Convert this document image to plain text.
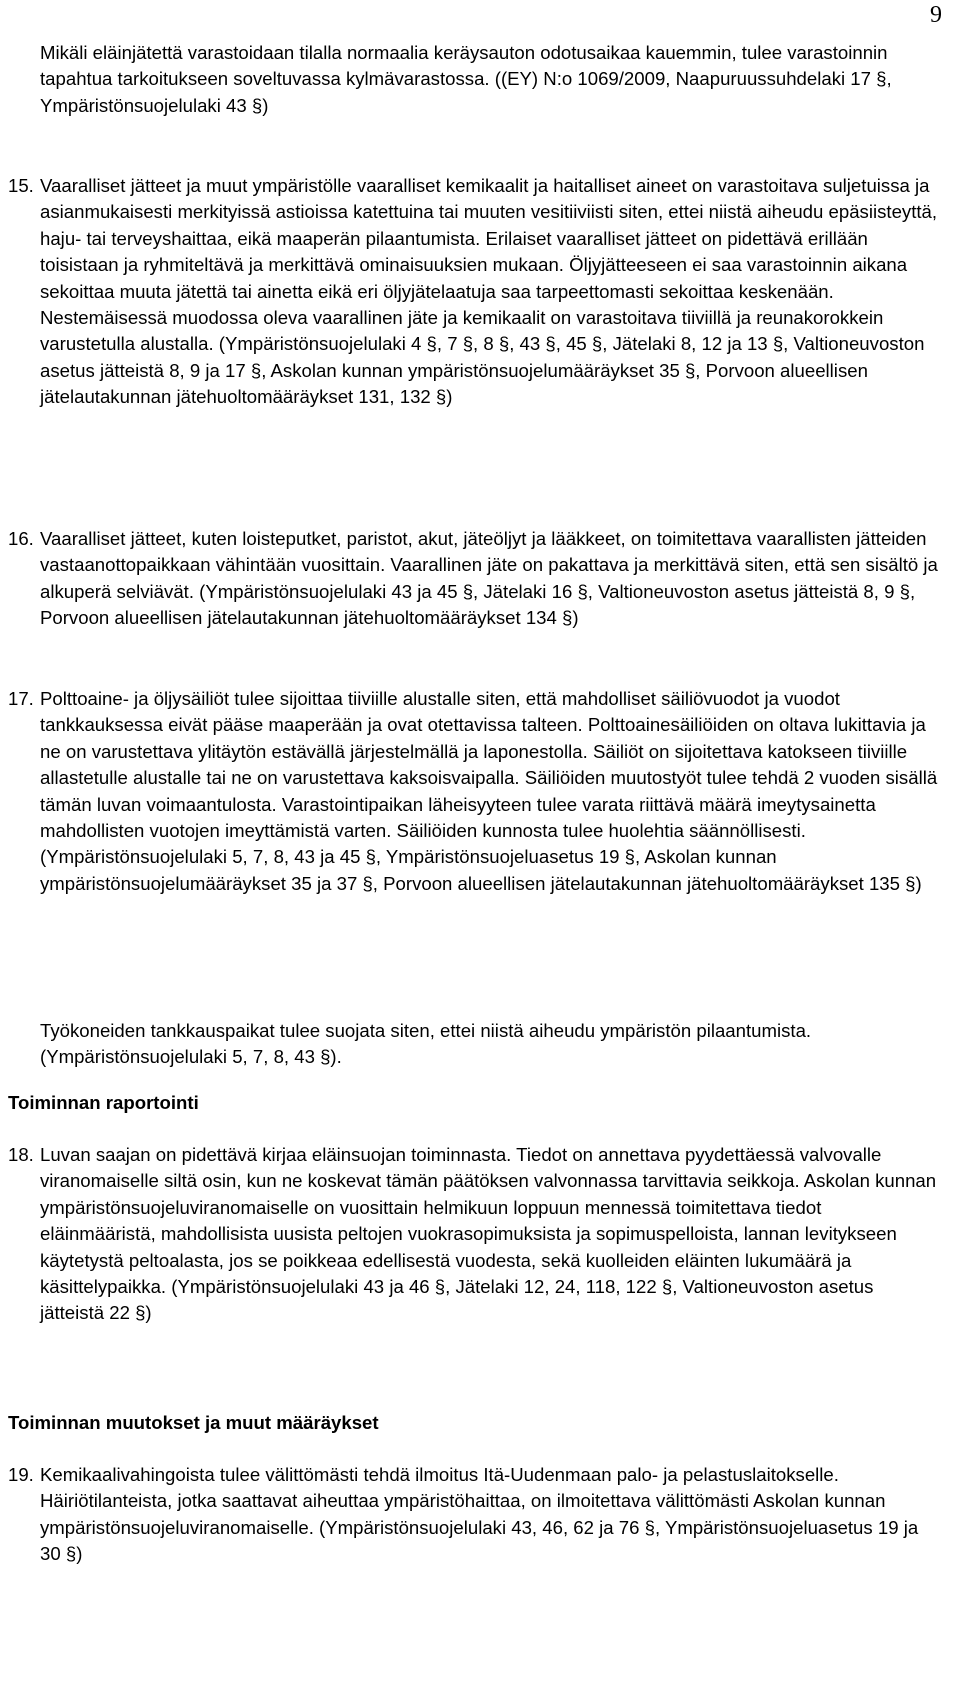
9

Mikäli eläinjätettä varastoidaan tilalla normaalia keräysauton odotusaikaa kauemmin, tulee varastoinnin tapahtua tarkoitukseen soveltuvassa kylmävarastossa. ((EY) N:o 1069/2009, Naapuruussuhdelaki 17 §, Ympäristönsuojelulaki 43 §)

15. Vaaralliset jätteet ja muut ympäristölle vaaralliset kemikaalit ja haitalliset aineet on varastoitava suljetuissa ja asianmukaisesti merkityissä astioissa katettuina tai muuten vesitiiviisti siten, ettei niistä aiheudu epäsiisteyttä, haju- tai terveyshaittaa, eikä maaperän pilaantumista. Erilaiset vaaralliset jätteet on pidettävä erillään toisistaan ja ryhmiteltävä ja merkittävä ominaisuuksien mukaan. Öljyjätteeseen ei saa varastoinnin aikana sekoittaa muuta jätettä tai ainetta eikä eri öljyjätelaatuja saa tarpeettomasti sekoittaa keskenään. Nestemäisessä muodossa oleva vaarallinen jäte ja kemikaalit on varastoitava tiiviillä ja reunakorokkein varustetulla alustalla. (Ympäristönsuojelulaki 4 §, 7 §, 8 §, 43 §, 45 §, Jätelaki 8, 12 ja 13 §, Valtioneuvoston asetus jätteistä 8, 9 ja 17 §, Askolan kunnan ympäristönsuojelumääräykset 35 §, Porvoon alueellisen jätelautakunnan jätehuoltomääräykset 131, 132 §)
16. Vaaralliset jätteet, kuten loisteputket, paristot, akut, jäteöljyt ja lääkkeet, on toimitettava vaarallisten jätteiden vastaanottopaikkaan vähintään vuosittain. Vaarallinen jäte on pakattava ja merkittävä siten, että sen sisältö ja alkuperä selviävät. (Ympäristönsuojelulaki 43 ja 45 §, Jätelaki 16 §, Valtioneuvoston asetus jätteistä 8, 9 §, Porvoon alueellisen jätelautakunnan jätehuoltomääräykset 134 §)
17. Polttoaine- ja öljysäiliöt tulee sijoittaa tiiviille alustalle siten, että mahdolliset säiliövuodot ja vuodot tankkauksessa eivät pääse maaperään ja ovat otettavissa talteen. Polttoainesäiliöiden on oltava lukittavia ja ne on varustettava ylitäytön estävällä järjestelmällä ja laponestolla. Säiliöt on sijoitettava katokseen tiiviille allastetulle alustalle tai ne on varustettava kaksoisvaipalla. Säiliöiden muutostyöt tulee tehdä 2 vuoden sisällä tämän luvan voimaantulosta. Varastointipaikan läheisyyteen tulee varata riittävä määrä imeytysainetta mahdollisten vuotojen imeyttämistä varten. Säiliöiden kunnosta tulee huolehtia säännöllisesti. (Ympäristönsuojelulaki 5, 7, 8, 43 ja 45 §, Ympäristönsuojeluasetus 19 §, Askolan kunnan ympäristönsuojelumääräykset 35 ja 37 §, Porvoon alueellisen jätelautakunnan jätehuoltomääräykset 135 §)

Työkoneiden tankkauspaikat tulee suojata siten, ettei niistä aiheudu ympäristön pilaantumista. (Ympäristönsuojelulaki 5, 7, 8, 43 §).

Toiminnan raportointi
18. Luvan saajan on pidettävä kirjaa eläinsuojan toiminnasta. Tiedot on annettava pyydettäessä valvovalle viranomaiselle siltä osin, kun ne koskevat tämän päätöksen valvonnassa tarvittavia seikkoja. Askolan kunnan ympäristönsuojeluviranomaiselle on vuosittain helmikuun loppuun mennessä toimitettava tiedot eläinmääristä, mahdollisista uusista peltojen vuokrasopimuksista ja sopimuspelloista, lannan levitykseen käytetystä peltoalasta, jos se poikkeaa edellisestä vuodesta, sekä kuolleiden eläinten lukumäärä ja käsittelypaikka. (Ympäristönsuojelulaki 43 ja 46 §, Jätelaki 12, 24, 118, 122 §, Valtioneuvoston asetus jätteistä 22 §)
Toiminnan muutokset ja muut määräykset
19. Kemikaalivahingoista tulee välittömästi tehdä ilmoitus Itä-Uudenmaan palo- ja pelastuslaitokselle. Häiriötilanteista, jotka saattavat aiheuttaa ympäristöhaittaa, on ilmoitettava välittömästi Askolan kunnan ympäristönsuojeluviranomaiselle. (Ympäristönsuojelulaki 43, 46, 62 ja 76 §, Ympäristönsuojeluasetus 19 ja 30 §)
